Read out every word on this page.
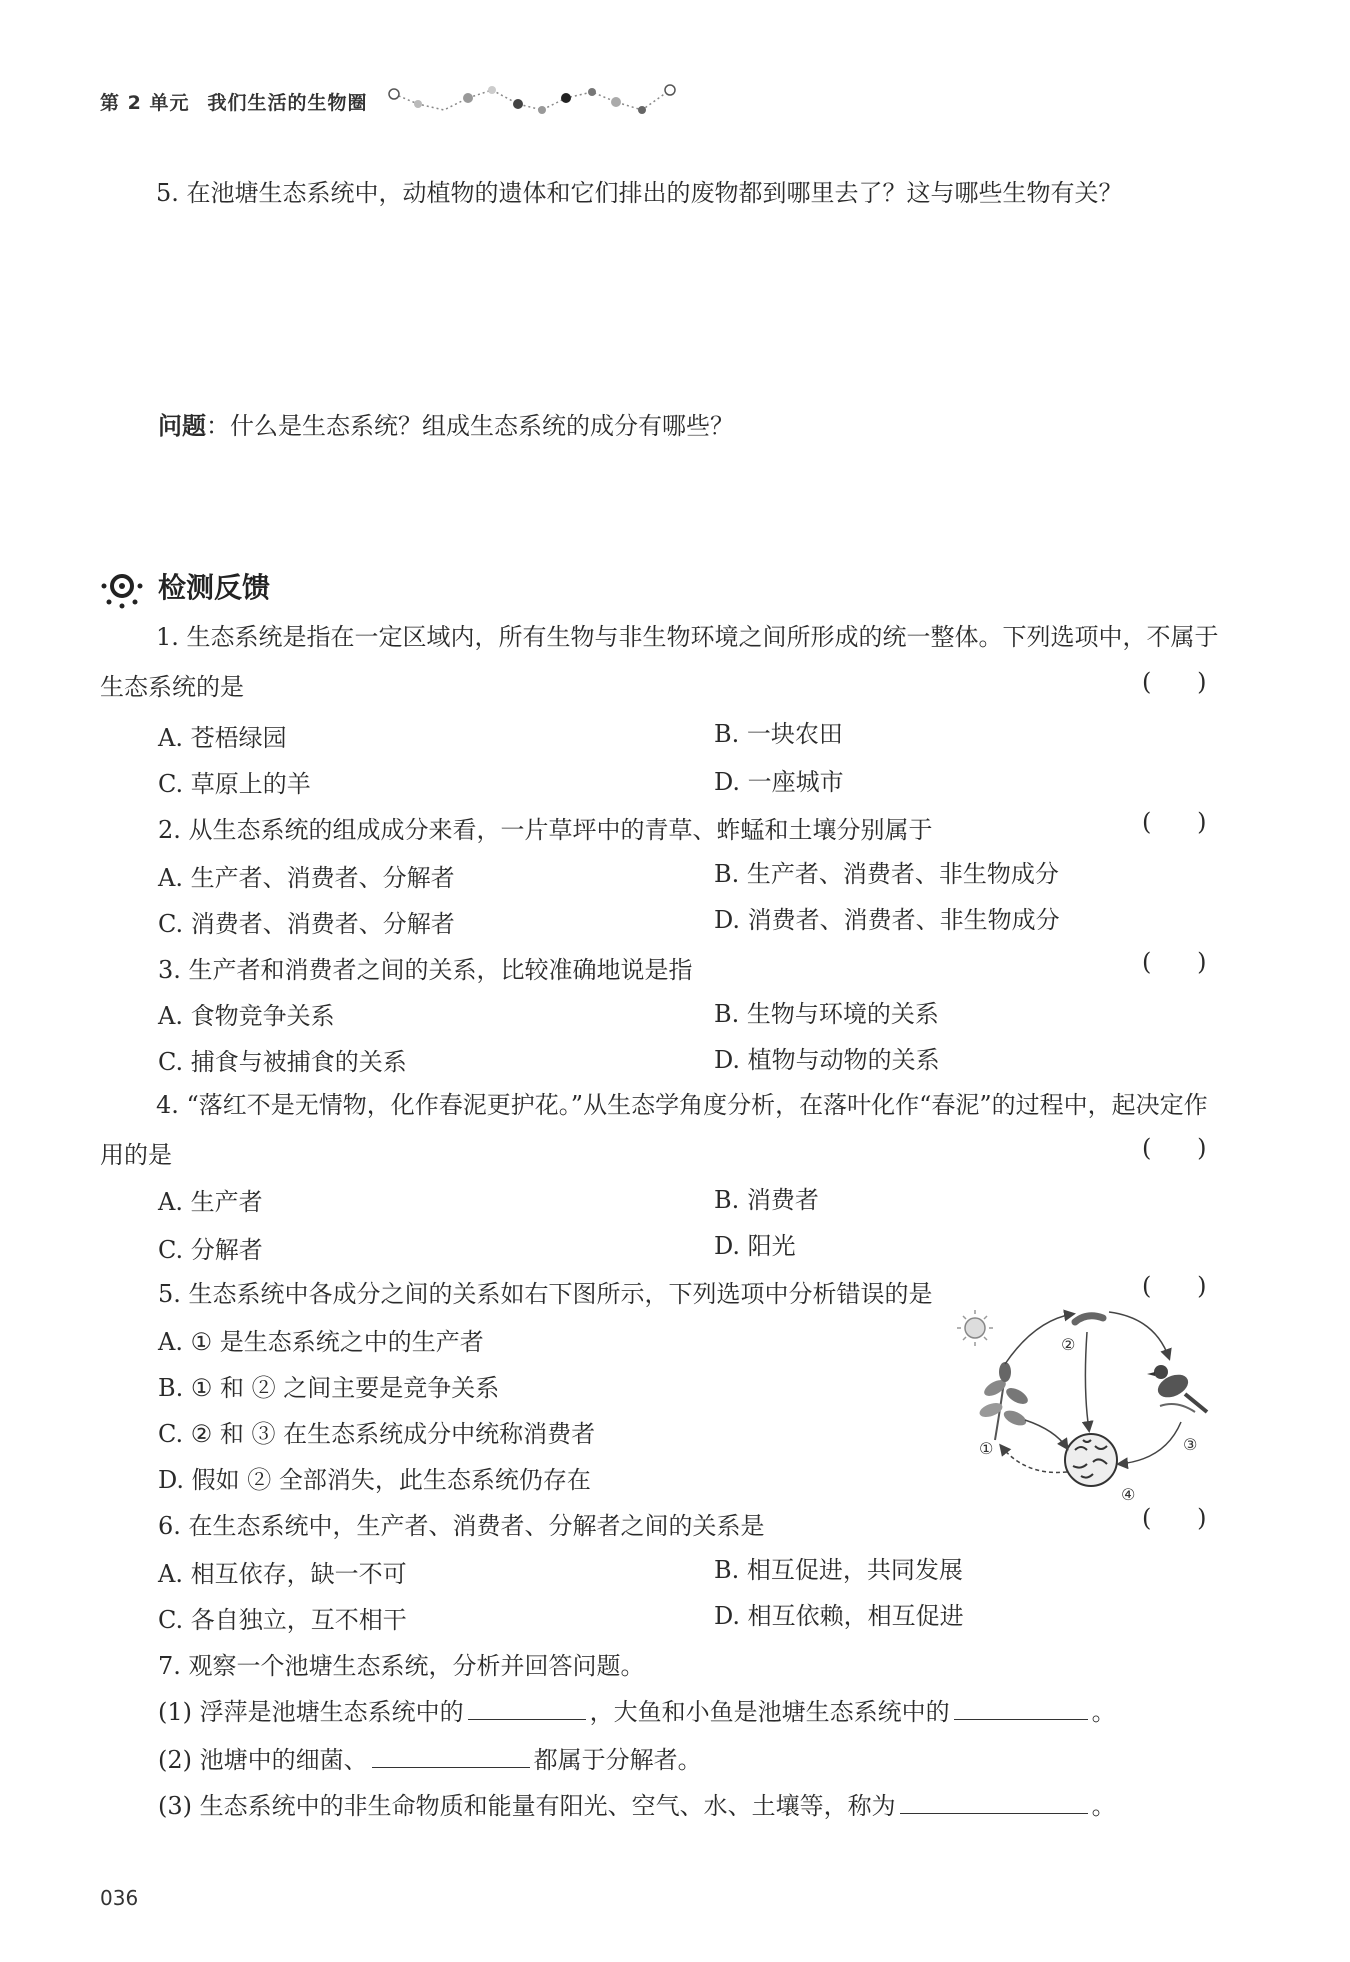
第 2 单元 我们生活的生物圈
5. 在池塘生态系统中，动植物的遗体和它们排出的废物都到哪里去了？这与哪些生物有关？
问题：什么是生态系统？组成生态系统的成分有哪些？
检测反馈
1. 生态系统是指在一定区域内，所有生物与非生物环境之间所形成的统一整体。下列选项中，不属于生态系统的是	(      )
A. 苍梧绿园	B. 一块农田
C. 草原上的羊	D. 一座城市
2. 从生态系统的组成成分来看，一片草坪中的青草、蚱蜢和土壤分别属于	(      )
A. 生产者、消费者、分解者	B. 生产者、消费者、非生物成分
C. 消费者、消费者、分解者	D. 消费者、消费者、非生物成分
3. 生产者和消费者之间的关系，比较准确地说是指	(      )
A. 食物竞争关系	B. 生物与环境的关系
C. 捕食与被捕食的关系	D. 植物与动物的关系
4. “落红不是无情物，化作春泥更护花。”从生态学角度分析，在落叶化作“春泥”的过程中，起决定作用的是	(      )
A. 生产者	B. 消费者
C. 分解者	D. 阳光
5. 生态系统中各成分之间的关系如右下图所示，下列选项中分析错误的是	(      )
A. ① 是生态系统之中的生产者
B. ① 和 ② 之间主要是竞争关系
C. ② 和 ③ 在生态系统成分中统称消费者
D. 假如 ② 全部消失，此生态系统仍存在
②
①	③
④
6. 在生态系统中，生产者、消费者、分解者之间的关系是	(      )
A. 相互依存，缺一不可	B. 相互促进，共同发展
C. 各自独立，互不相干	D. 相互依赖，相互促进
7. 观察一个池塘生态系统，分析并回答问题。
(1) 浮萍是池塘生态系统中的	，大鱼和小鱼是池塘生态系统中的	。
(2) 池塘中的细菌、	都属于分解者。
(3) 生态系统中的非生命物质和能量有阳光、空气、水、土壤等，称为	。
036
